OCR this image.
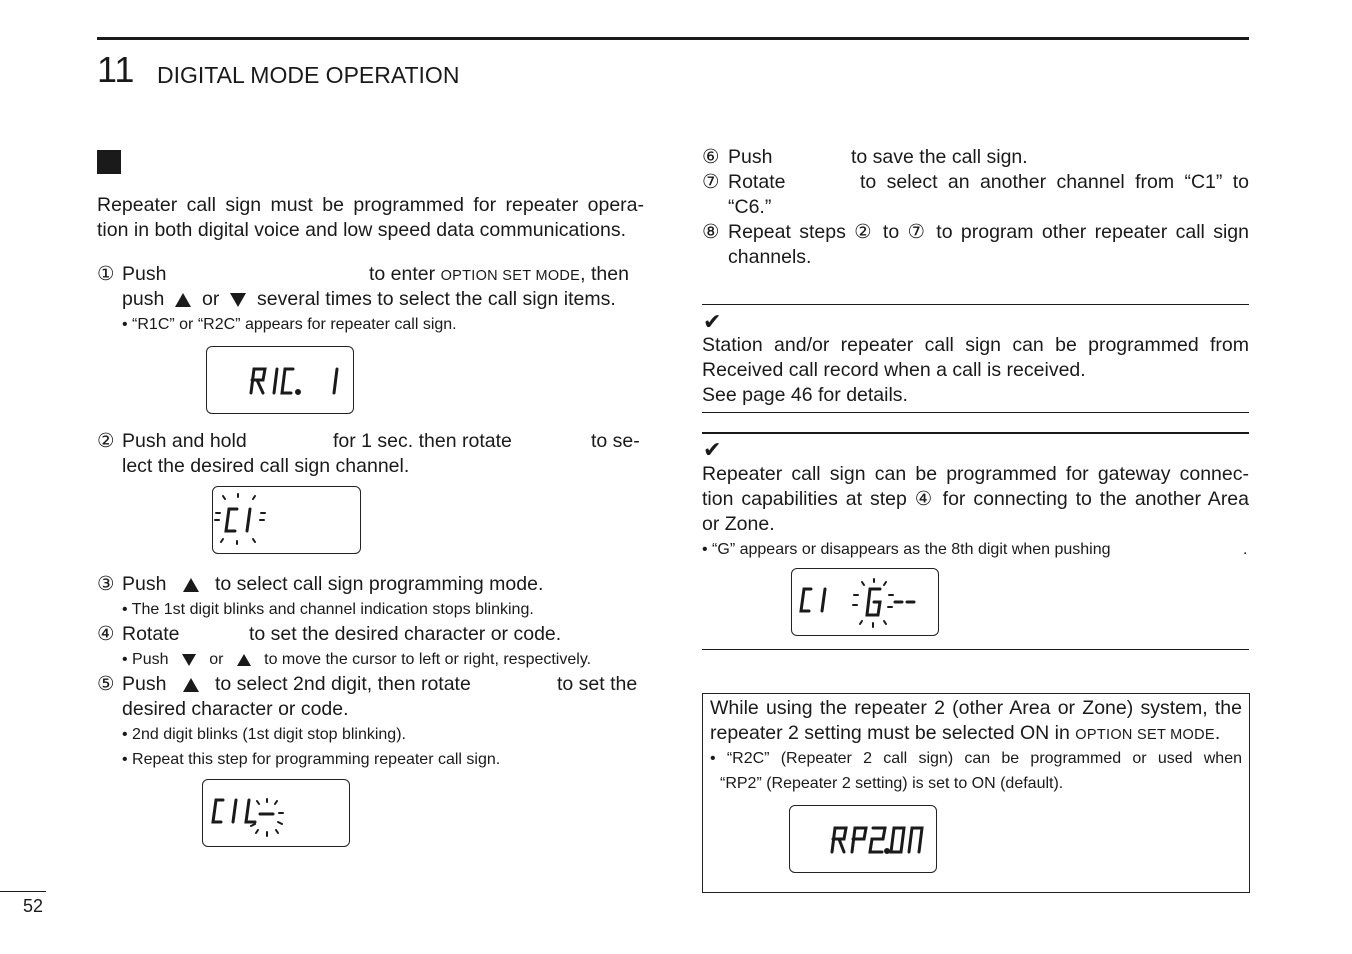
11 DIGITAL MODE OPERATION
Repeater call sign must be programmed for repeater opera-
tion in both digital voice and low speed data communications.
① Push	to enter OPTION SET MODE, then
push or several times to select the call sign items.
• “R1C” or “R2C” appears for repeater call sign.
② Push and hold	for 1 sec. then rotate	to se-
lect the desired call sign channel.
③ Push to select call sign programming mode.
• The 1st digit blinks and channel indication stops blinking.
④ Rotate	to set the desired character or code.
• Push	or	to move the cursor to left or right, respectively.
⑤ Push to select 2nd digit, then rotate	to set the
desired character or code.
• 2nd digit blinks (1st digit stop blinking).
• Repeat this step for programming repeater call sign.
⑥ Push	to save the call sign.
⑦ Rotate	to select an another channel from “C1” to
“C6.”
⑧ Repeat steps ② to ⑦ to program other repeater call sign
channels.
✔
Station and/or repeater call sign can be programmed from
Received call record when a call is received.
See page 46 for details.
✔
Repeater call sign can be programmed for gateway connec-
tion capabilities at step ④ for connecting to the another Area
or Zone.
• “G” appears or disappears as the 8th digit when pushing	.
While using the repeater 2 (other Area or Zone) system, the
repeater 2 setting must be selected ON in OPTION SET MODE.
• “R2C” (Repeater 2 call sign) can be programmed or used when
“RP2” (Repeater 2 setting) is set to ON (default).
52
